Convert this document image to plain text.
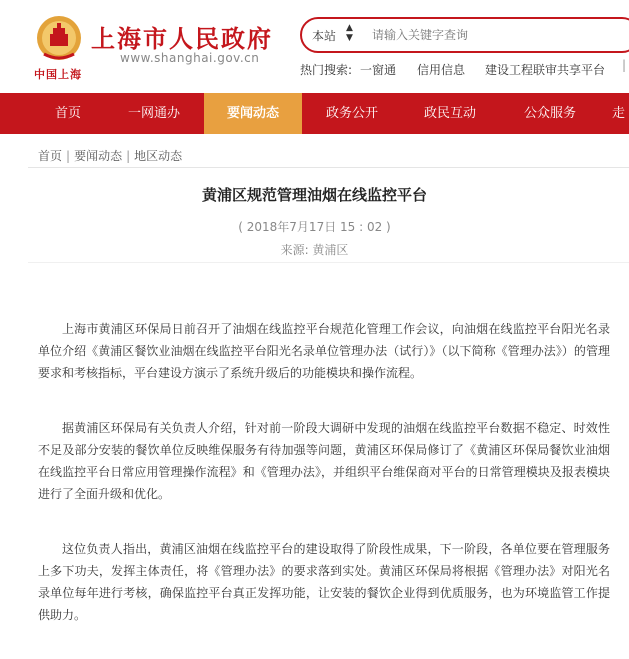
中国上海
上海市人民政府
www.shanghai.gov.cn
本站
▲
▼
请输入关键字查询
热门搜索: 一窗通 信用信息 建设工程联审共享平台 |
首页	一网通办	要闻动态	政务公开	政民互动	公众服务	走
首页 | 要闻动态 | 地区动态
黄浦区规范管理油烟在线监控平台
( 2018年7月17日 15 : 02 )
来源: 黄浦区

上海市黄浦区环保局日前召开了油烟在线监控平台规范化管理工作会议，向油烟在线监控平台阳光名录单位介绍《黄浦区餐饮业油烟在线监控平台阳光名录单位管理办法（试行）》（以下简称《管理办法》）的管理要求和考核指标，平台建设方演示了系统升级后的功能模块和操作流程。

据黄浦区环保局有关负责人介绍，针对前一阶段大调研中发现的油烟在线监控平台数据不稳定、时效性不足及部分安装的餐饮单位反映维保服务有待加强等问题，黄浦区环保局修订了《黄浦区环保局餐饮业油烟在线监控平台日常应用管理操作流程》和《管理办法》，并组织平台维保商对平台的日常管理模块及报表模块进行了全面升级和优化。

这位负责人指出，黄浦区油烟在线监控平台的建设取得了阶段性成果，下一阶段，各单位要在管理服务上多下功夫，发挥主体责任，将《管理办法》的要求落到实处。黄浦区环保局将根据《管理办法》对阳光名录单位每年进行考核，确保监控平台真正发挥功能，让安装的餐饮企业得到优质服务，也为环境监管工作提供助力。
